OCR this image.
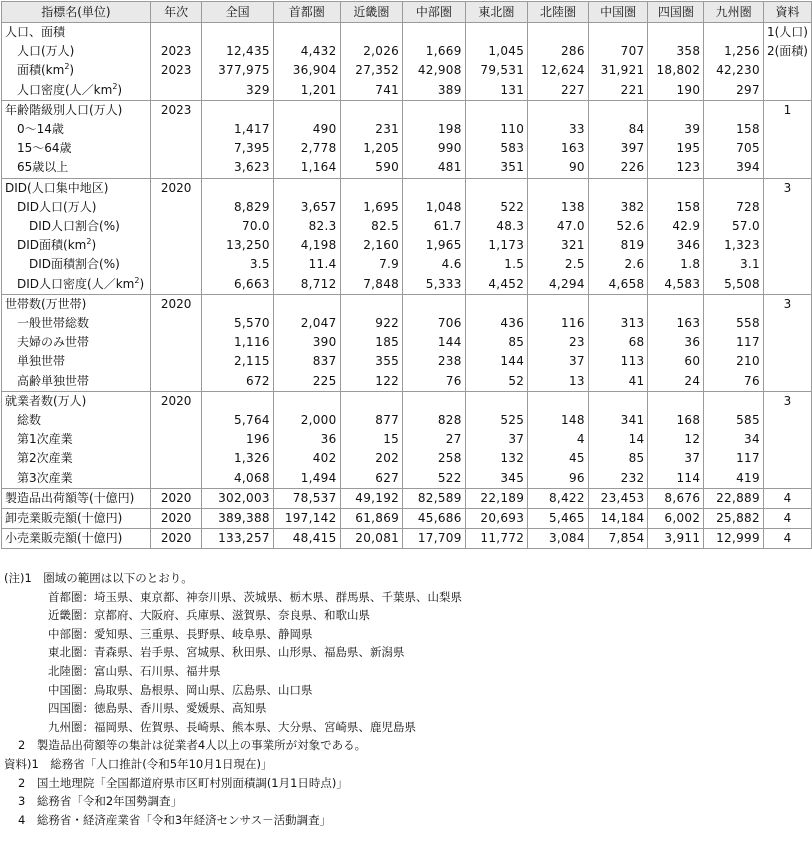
指標名(単位)	年次	全国	首都圏	近畿圏	中部圏	東北圏	北陸圏	中国圏	四国圏	九州圏	資料
人口、面積											1(人口)
人口(万人)	2023	12,435	4,432	2,026	1,669	1,045	286	707	358	1,256	2(面積)
面積$(km^2)$	2023	377,975	36,904	27,352	42,908	79,531	12,624	31,921	18,802	42,230	
人口密度(人$/km^2$)		329	1,201	741	389	131	227	221	190	297	
年齢階級別人口(万人)	2023										1
0～14歳		1,417	490	231	198	110	33	84	39	158	
15～64歳		7,395	2,778	1,205	990	583	163	397	195	705	
65歳以上		3,623	1,164	590	481	351	90	226	123	394	
DID(人口集中地区)	2020										3
DID人口(万人)		8,829	3,657	1,695	1,048	522	138	382	158	728	
DID人口割合(%)		70.0	82.3	82.5	61.7	48.3	47.0	52.6	42.9	57.0	
DID面積$(km^2)$		13,250	4,198	2,160	1,965	1,173	321	819	346	1,323	
DID面積割合(%)		3.5	11.4	7.9	4.6	1.5	2.5	2.6	1.8	3.1	
DID人口密度(人$/km^2$)		6,663	8,712	7,848	5,333	4,452	4,294	4,658	4,583	5,508	
世帯数(万世帯)	2020										3
一般世帯総数		5,570	2,047	922	706	436	116	313	163	558	
夫婦のみ世帯		1,116	390	185	144	85	23	68	36	117	
単独世帯		2,115	837	355	238	144	37	113	60	210	
高齢単独世帯		672	225	122	76	52	13	41	24	76	
就業者数(万人)	2020										3
総数		5,764	2,000	877	828	525	148	341	168	585	
第1次産業		196	36	15	27	37	4	14	12	34	
第2次産業		1,326	402	202	258	132	45	85	37	117	
第3次産業		4,068	1,494	627	522	345	96	232	114	419	
製造品出荷額等(十億円)	2020	302,003	78,537	49,192	82,589	22,189	8,422	23,453	8,676	22,889	4
卸売業販売額(十億円)	2020	389,388	197,142	61,869	45,686	20,693	5,465	14,184	6,002	25,882	4
小売業販売額(十億円)	2020	133,257	48,415	20,081	17,709	11,772	3,084	7,854	3,911	12,999	4
(注)1　圏域の範囲は以下のとおり。
首都圏：埼玉県、東京都、神奈川県、茨城県、栃木県、群馬県、千葉県、山梨県
近畿圏：京都府、大阪府、兵庫県、滋賀県、奈良県、和歌山県
中部圏：愛知県、三重県、長野県、岐阜県、静岡県
東北圏：青森県、岩手県、宮城県、秋田県、山形県、福島県、新潟県
北陸圏：富山県、石川県、福井県
中国圏：鳥取県、島根県、岡山県、広島県、山口県
四国圏：徳島県、香川県、愛媛県、高知県
九州圏：福岡県、佐賀県、長崎県、熊本県、大分県、宮崎県、鹿児島県
2　製造品出荷額等の集計は従業者4人以上の事業所が対象である。
資料)1　総務省「人口推計(令和5年10月1日現在)」
2　国土地理院「全国都道府県市区町村別面積調(1月1日時点)」
3　総務省「令和2年国勢調査」
4　総務省・経済産業省「令和3年経済センサス－活動調査」
